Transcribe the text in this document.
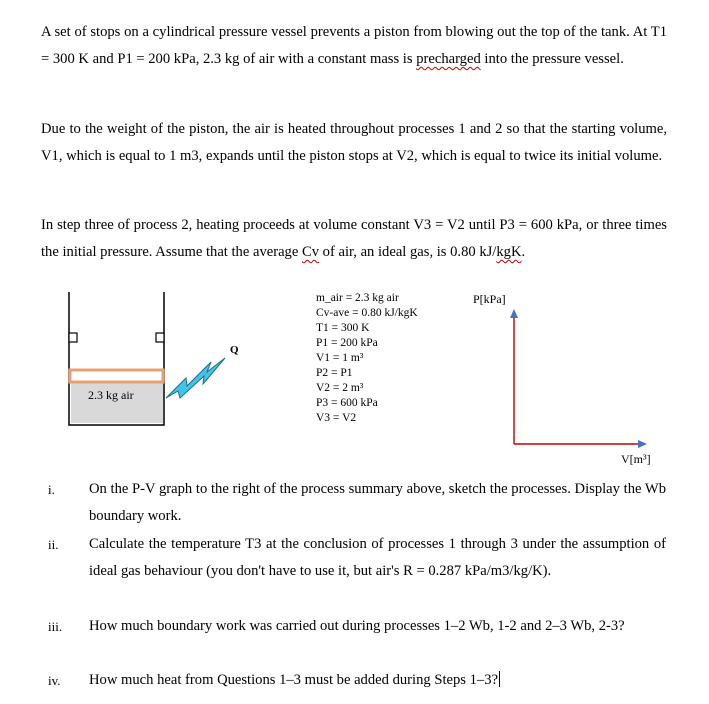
A set of stops on a cylindrical pressure vessel prevents a piston from blowing out the top of the tank. At T1 = 300 K and P1 = 200 kPa, 2.3 kg of air with a constant mass is precharged into the pressure vessel.
Due to the weight of the piston, the air is heated throughout processes 1 and 2 so that the starting volume, V1, which is equal to 1 m3, expands until the piston stops at V2, which is equal to twice its initial volume.
In step three of process 2, heating proceeds at volume constant V3 = V2 until P3 = 600 kPa, or three times the initial pressure. Assume that the average Cv of air, an ideal gas, is 0.80 kJ/kgK.
2.3 kg air
Q
m_air = 2.3 kg air
Cv-ave = 0.80 kJ/kgK
T1 = 300 K
P1 = 200 kPa
V1 = 1 m³
P2 = P1
V2 = 2 m³
P3 = 600 kPa
V3 = V2
P[kPa]
V[m³]
i.	On the P-V graph to the right of the process summary above, sketch the processes. Display the Wb boundary work.
ii.	Calculate the temperature T3 at the conclusion of processes 1 through 3 under the assumption of ideal gas behaviour (you don't have to use it, but air's R = 0.287 kPa/m3/kg/K).
iii.	How much boundary work was carried out during processes 1–2 Wb, 1-2 and 2–3 Wb, 2-3?
iv.	How much heat from Questions 1–3 must be added during Steps 1–3?
